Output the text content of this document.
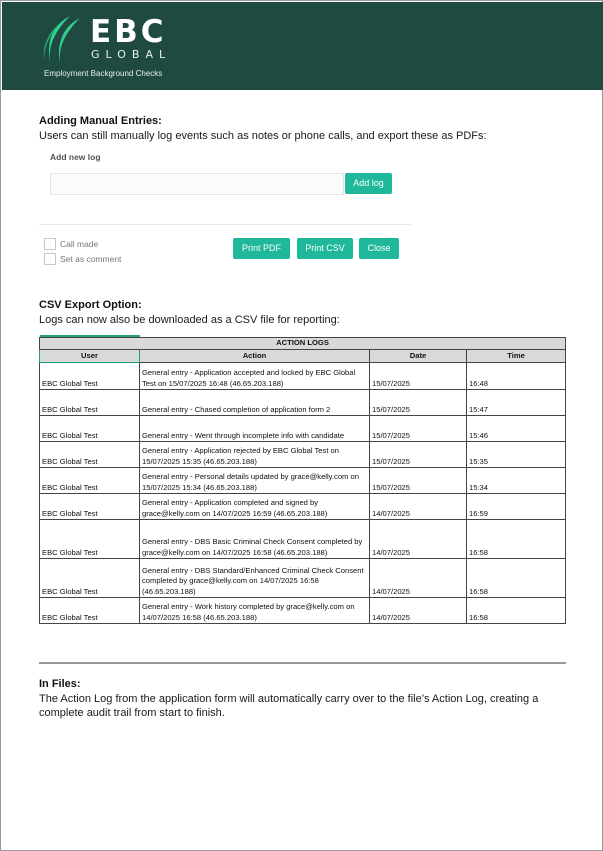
EBC
GLOBAL
Employment Background Checks
Adding Manual Entries:
Users can still manually log events such as notes or phone calls, and export these as PDFs:
Add new log
Add log
Call made
Set as comment
Print PDF	Print CSV	Close
CSV Export Option:
Logs can now also be downloaded as a CSV file for reporting:
ACTION LOGS			
User	Action	Date	Time
EBC Global Test	General entry - Application accepted and locked by EBC Global Test on 15/07/2025 16:48 (46.65.203.188)	15/07/2025	16:48
EBC Global Test	General entry - Chased completion of application form 2	15/07/2025	15:47
EBC Global Test	General entry - Went through incomplete info with candidate	15/07/2025	15:46
EBC Global Test	General entry - Application rejected by EBC Global Test on 15/07/2025 15:35 (46.65.203.188)	15/07/2025	15:35
EBC Global Test	General entry - Personal details updated by grace@kelly.com on 15/07/2025 15:34 (46.65.203.188)	15/07/2025	15:34
EBC Global Test	General entry - Application completed and signed by grace@kelly.com on 14/07/2025 16:59 (46.65.203.188)	14/07/2025	16:59
EBC Global Test	General entry - DBS Basic Criminal Check Consent completed by grace@kelly.com on 14/07/2025 16:58 (46.65.203.188)	14/07/2025	16:58
EBC Global Test	General entry - DBS Standard/Enhanced Criminal Check Consent completed by grace@kelly.com on 14/07/2025 16:58 (46.65.203.188)	14/07/2025	16:58
EBC Global Test	General entry - Work history completed by grace@kelly.com on 14/07/2025 16:58 (46.65.203.188)	14/07/2025	16:58
In Files:
The Action Log from the application form will automatically carry over to the file’s Action Log, creating a complete audit trail from start to finish.
